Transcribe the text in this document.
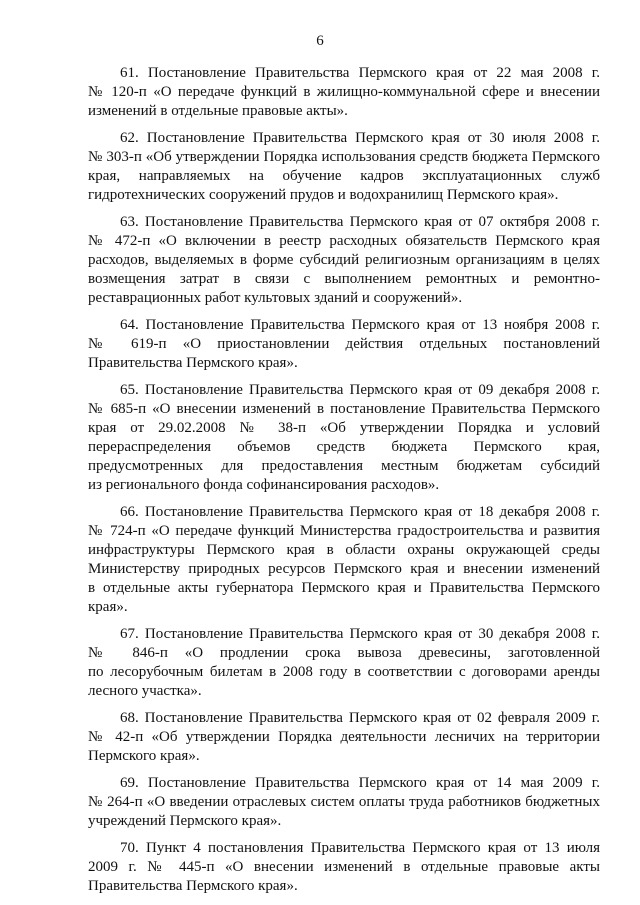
6
61. Постановление Правительства Пермского края от 22 мая 2008 г.
№ 120-п «О передаче функций в жилищно-коммунальной сфере и внесении
изменений в отдельные правовые акты».
62. Постановление Правительства Пермского края от 30 июля 2008 г.
№ 303-п «Об утверждении Порядка использования средств бюджета Пермского
края, направляемых на обучение кадров эксплуатационных служб
гидротехнических сооружений прудов и водохранилищ Пермского края».
63. Постановление Правительства Пермского края от 07 октября 2008 г.
№ 472-п «О включении в реестр расходных обязательств Пермского края
расходов, выделяемых в форме субсидий религиозным организациям в целях
возмещения затрат в связи с выполнением ремонтных и ремонтно-
реставрационных работ культовых зданий и сооружений».
64. Постановление Правительства Пермского края от 13 ноября 2008 г.
№ 619-п «О приостановлении действия отдельных постановлений
Правительства Пермского края».
65. Постановление Правительства Пермского края от 09 декабря 2008 г.
№ 685-п «О внесении изменений в постановление Правительства Пермского
края от 29.02.2008 № 38-п «Об утверждении Порядка и условий
перераспределения объемов средств бюджета Пермского края,
предусмотренных для предоставления местным бюджетам субсидий
из регионального фонда софинансирования расходов».
66. Постановление Правительства Пермского края от 18 декабря 2008 г.
№ 724-п «О передаче функций Министерства градостроительства и развития
инфраструктуры Пермского края в области охраны окружающей среды
Министерству природных ресурсов Пермского края и внесении изменений
в отдельные акты губернатора Пермского края и Правительства Пермского
края».
67. Постановление Правительства Пермского края от 30 декабря 2008 г.
№ 846-п «О продлении срока вывоза древесины, заготовленной
по лесорубочным билетам в 2008 году в соответствии с договорами аренды
лесного участка».
68. Постановление Правительства Пермского края от 02 февраля 2009 г.
№ 42-п «Об утверждении Порядка деятельности лесничих на территории
Пермского края».
69. Постановление Правительства Пермского края от 14 мая 2009 г.
№ 264-п «О введении отраслевых систем оплаты труда работников бюджетных
учреждений Пермского края».
70. Пункт 4 постановления Правительства Пермского края от 13 июля
2009 г. № 445-п «О внесении изменений в отдельные правовые акты
Правительства Пермского края».
